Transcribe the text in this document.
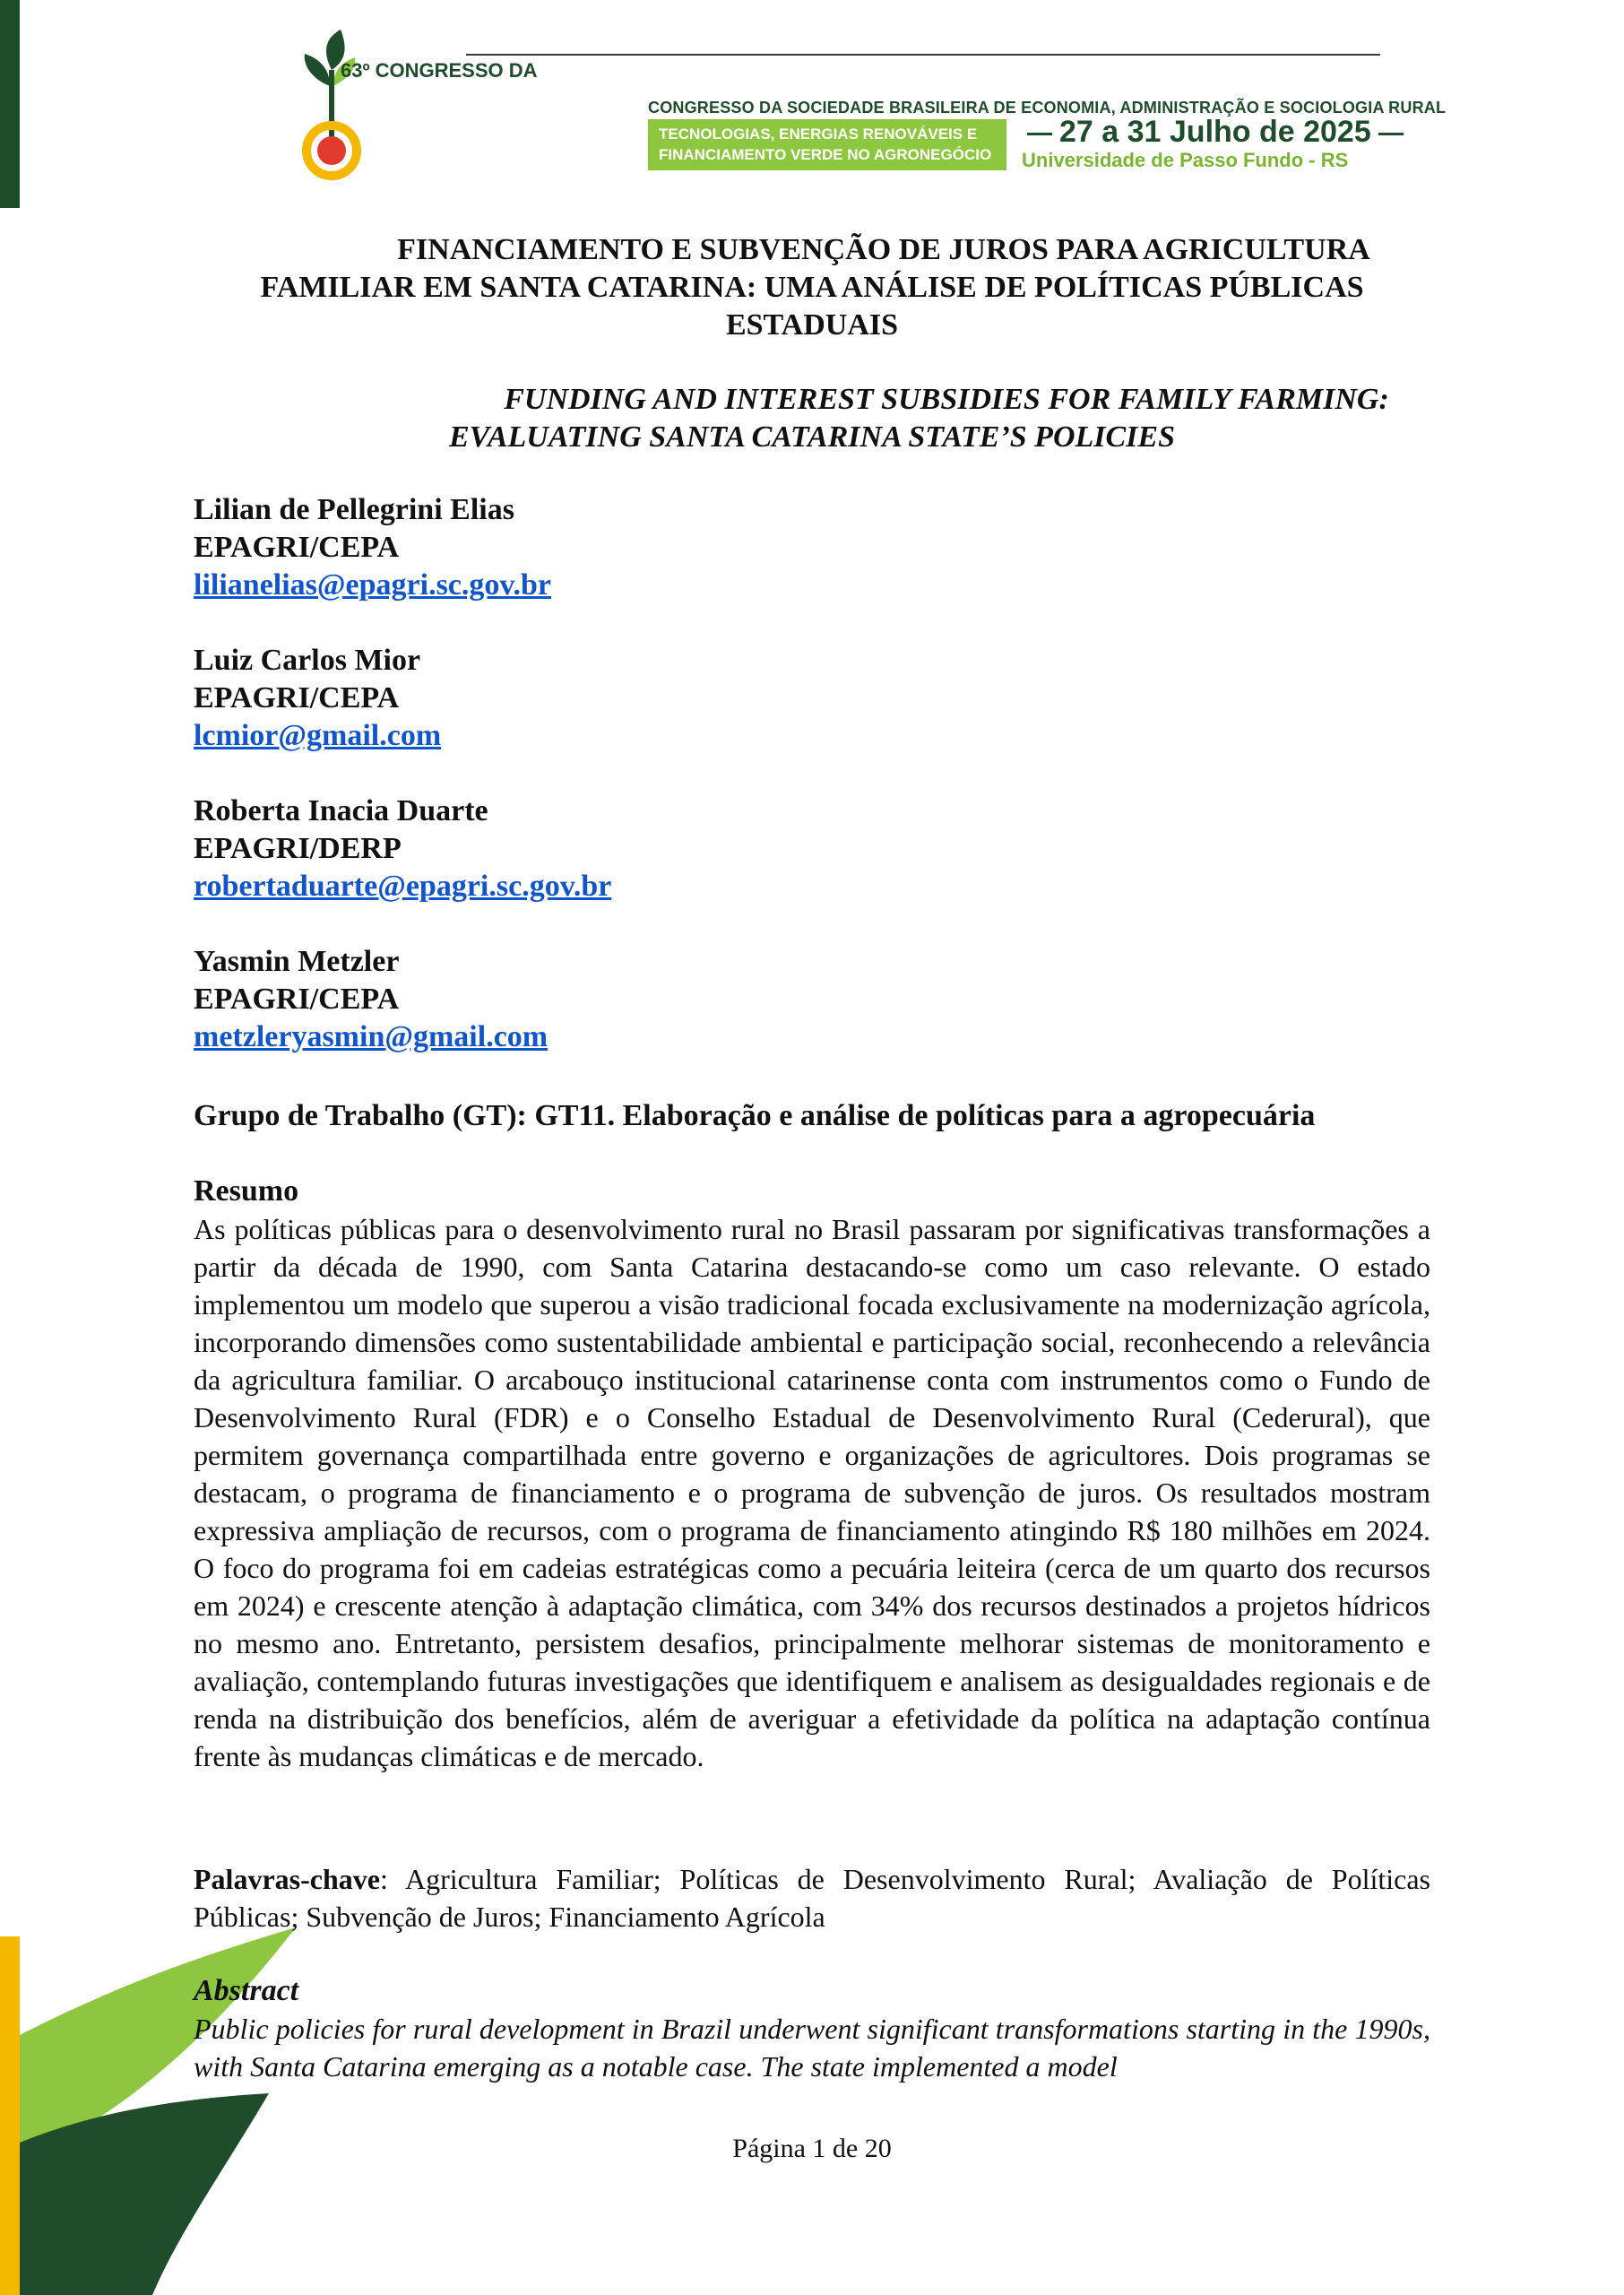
63º CONGRESSO DA
CONGRESSO DA SOCIEDADE BRASILEIRA DE ECONOMIA, ADMINISTRAÇÃO E SOCIOLOGIA RURAL
TECNOLOGIAS, ENERGIAS RENOVÁVEIS E
FINANCIAMENTO VERDE NO AGRONEGÓCIO
27 a 31 Julho de 2025
Universidade de Passo Fundo - RS
FINANCIAMENTO E SUBVENÇÃO DE JUROS PARA AGRICULTURA
FAMILIAR EM SANTA CATARINA: UMA ANÁLISE DE POLÍTICAS PÚBLICAS
ESTADUAIS
FUNDING AND INTEREST SUBSIDIES FOR FAMILY FARMING:
EVALUATING SANTA CATARINA STATE’S POLICIES
Lilian de Pellegrini Elias
EPAGRI/CEPA
lilianelias@epagri.sc.gov.br
Luiz Carlos Mior
EPAGRI/CEPA
lcmior@gmail.com
Roberta Inacia Duarte
EPAGRI/DERP
robertaduarte@epagri.sc.gov.br
Yasmin Metzler
EPAGRI/CEPA
metzleryasmin@gmail.com
Grupo de Trabalho (GT): GT11. Elaboração e análise de políticas para a agropecuária
Resumo

As políticas públicas para o desenvolvimento rural no Brasil passaram por significativas transformações a partir da década de 1990, com Santa Catarina destacando-se como um caso relevante. O estado implementou um modelo que superou a visão tradicional focada exclusivamente na modernização agrícola, incorporando dimensões como sustentabilidade ambiental e participação social, reconhecendo a relevância da agricultura familiar. O arcabouço institucional catarinense conta com instrumentos como o Fundo de Desenvolvimento Rural (FDR) e o Conselho Estadual de Desenvolvimento Rural (Cederural), que permitem governança compartilhada entre governo e organizações de agricultores. Dois programas se destacam, o programa de financiamento e o programa de subvenção de juros. Os resultados mostram expressiva ampliação de recursos, com o programa de financiamento atingindo R$ 180 milhões em 2024. O foco do programa foi em cadeias estratégicas como a pecuária leiteira (cerca de um quarto dos recursos em 2024) e crescente atenção à adaptação climática, com 34% dos recursos destinados a projetos hídricos no mesmo ano. Entretanto, persistem desafios, principalmente melhorar sistemas de monitoramento e avaliação, contemplando futuras investigações que identifiquem e analisem as desigualdades regionais e de renda na distribuição dos benefícios, além de averiguar a efetividade da política na adaptação contínua frente às mudanças climáticas e de mercado.

Palavras-chave: Agricultura Familiar; Políticas de Desenvolvimento Rural; Avaliação de Políticas Públicas; Subvenção de Juros; Financiamento Agrícola
Abstract

Public policies for rural development in Brazil underwent significant transformations starting in the 1990s, with Santa Catarina emerging as a notable case. The state implemented a model

Página 1 de 20
